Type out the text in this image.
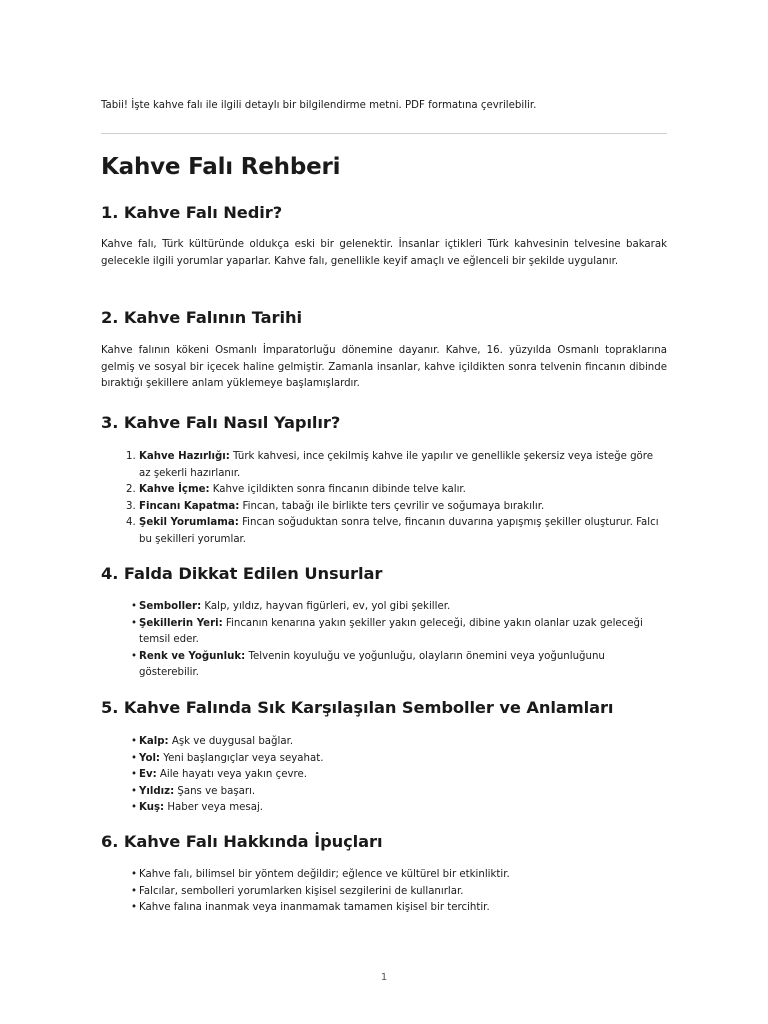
Tabii! İşte kahve falı ile ilgili detaylı bir bilgilendirme metni. PDF formatına çevrilebilir.

Kahve Falı Rehberi
1. Kahve Falı Nedir?

Kahve falı, Türk kültüründe oldukça eski bir gelenektir. İnsanlar içtikleri Türk kahvesinin telvesine bakarak gelecekle ilgili yorumlar yaparlar. Kahve falı, genellikle keyif amaçlı ve eğlenceli bir şekilde uygulanır.

2. Kahve Falının Tarihi

Kahve falının kökeni Osmanlı İmparatorluğu dönemine dayanır. Kahve, 16. yüzyılda Osmanlı topraklarına gelmiş ve sosyal bir içecek haline gelmiştir. Zamanla insanlar, kahve içildikten sonra telvenin fincanın dibinde bıraktığı şekillere anlam yüklemeye başlamışlardır.

3. Kahve Falı Nasıl Yapılır?
1. Kahve Hazırlığı: Türk kahvesi, ince çekilmiş kahve ile yapılır ve genellikle şekersiz veya isteğe göre az şekerli hazırlanır.
2. Kahve İçme: Kahve içildikten sonra fincanın dibinde telve kalır.
3. Fincanı Kapatma: Fincan, tabağı ile birlikte ters çevrilir ve soğumaya bırakılır.
4. Şekil Yorumlama: Fincan soğuduktan sonra telve, fincanın duvarına yapışmış şekiller oluşturur. Falcı bu şekilleri yorumlar.
4. Falda Dikkat Edilen Unsurlar
• Semboller: Kalp, yıldız, hayvan figürleri, ev, yol gibi şekiller.
• Şekillerin Yeri: Fincanın kenarına yakın şekiller yakın geleceği, dibine yakın olanlar uzak geleceği temsil eder.
• Renk ve Yoğunluk: Telvenin koyuluğu ve yoğunluğu, olayların önemini veya yoğunluğunu gösterebilir.
5. Kahve Falında Sık Karşılaşılan Semboller ve Anlamları
• Kalp: Aşk ve duygusal bağlar.
• Yol: Yeni başlangıçlar veya seyahat.
• Ev: Aile hayatı veya yakın çevre.
• Yıldız: Şans ve başarı.
• Kuş: Haber veya mesaj.
6. Kahve Falı Hakkında İpuçları
• Kahve falı, bilimsel bir yöntem değildir; eğlence ve kültürel bir etkinliktir.
• Falcılar, sembolleri yorumlarken kişisel sezgilerini de kullanırlar.
• Kahve falına inanmak veya inanmamak tamamen kişisel bir tercihtir.
1
